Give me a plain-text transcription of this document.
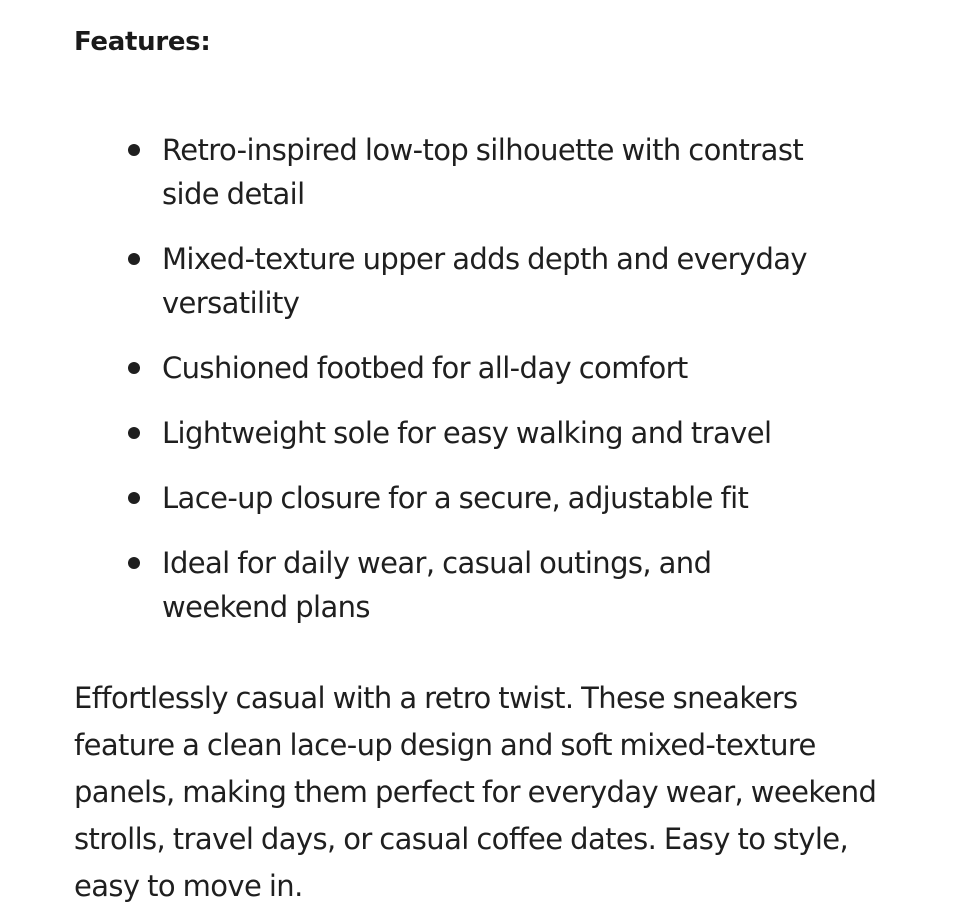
Features:
Retro-inspired low-top silhouette with contrast side detail
Mixed-texture upper adds depth and everyday versatility
Cushioned footbed for all-day comfort
Lightweight sole for easy walking and travel
Lace-up closure for a secure, adjustable fit
Ideal for daily wear, casual outings, and weekend plans

Effortlessly casual with a retro twist. These sneakers feature a clean lace-up design and soft mixed-texture panels, making them perfect for everyday wear, weekend strolls, travel days, or casual coffee dates. Easy to style, easy to move in.
